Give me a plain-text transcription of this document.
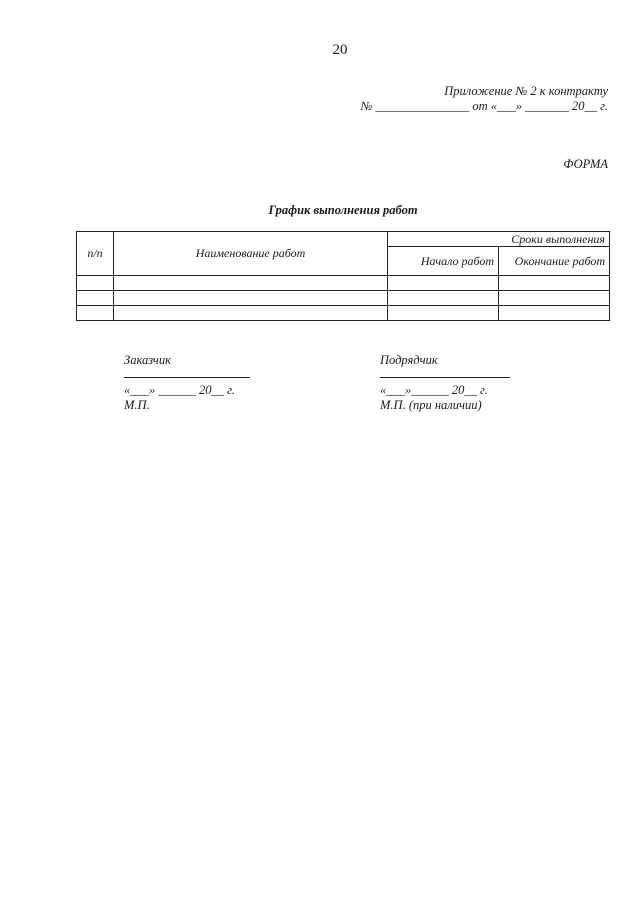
20
Приложение № 2 к контракту
№ _______________ от «___» _______ 20__ г.
ФОРМА
График выполнения работ
п/п	Наименование работ	Сроки выполнения	
		Начало работ	Окончание работ

Заказчик
«___» ______ 20__ г.
М.П.
Подрядчик
«___»______ 20__ г.
М.П. (при наличии)
